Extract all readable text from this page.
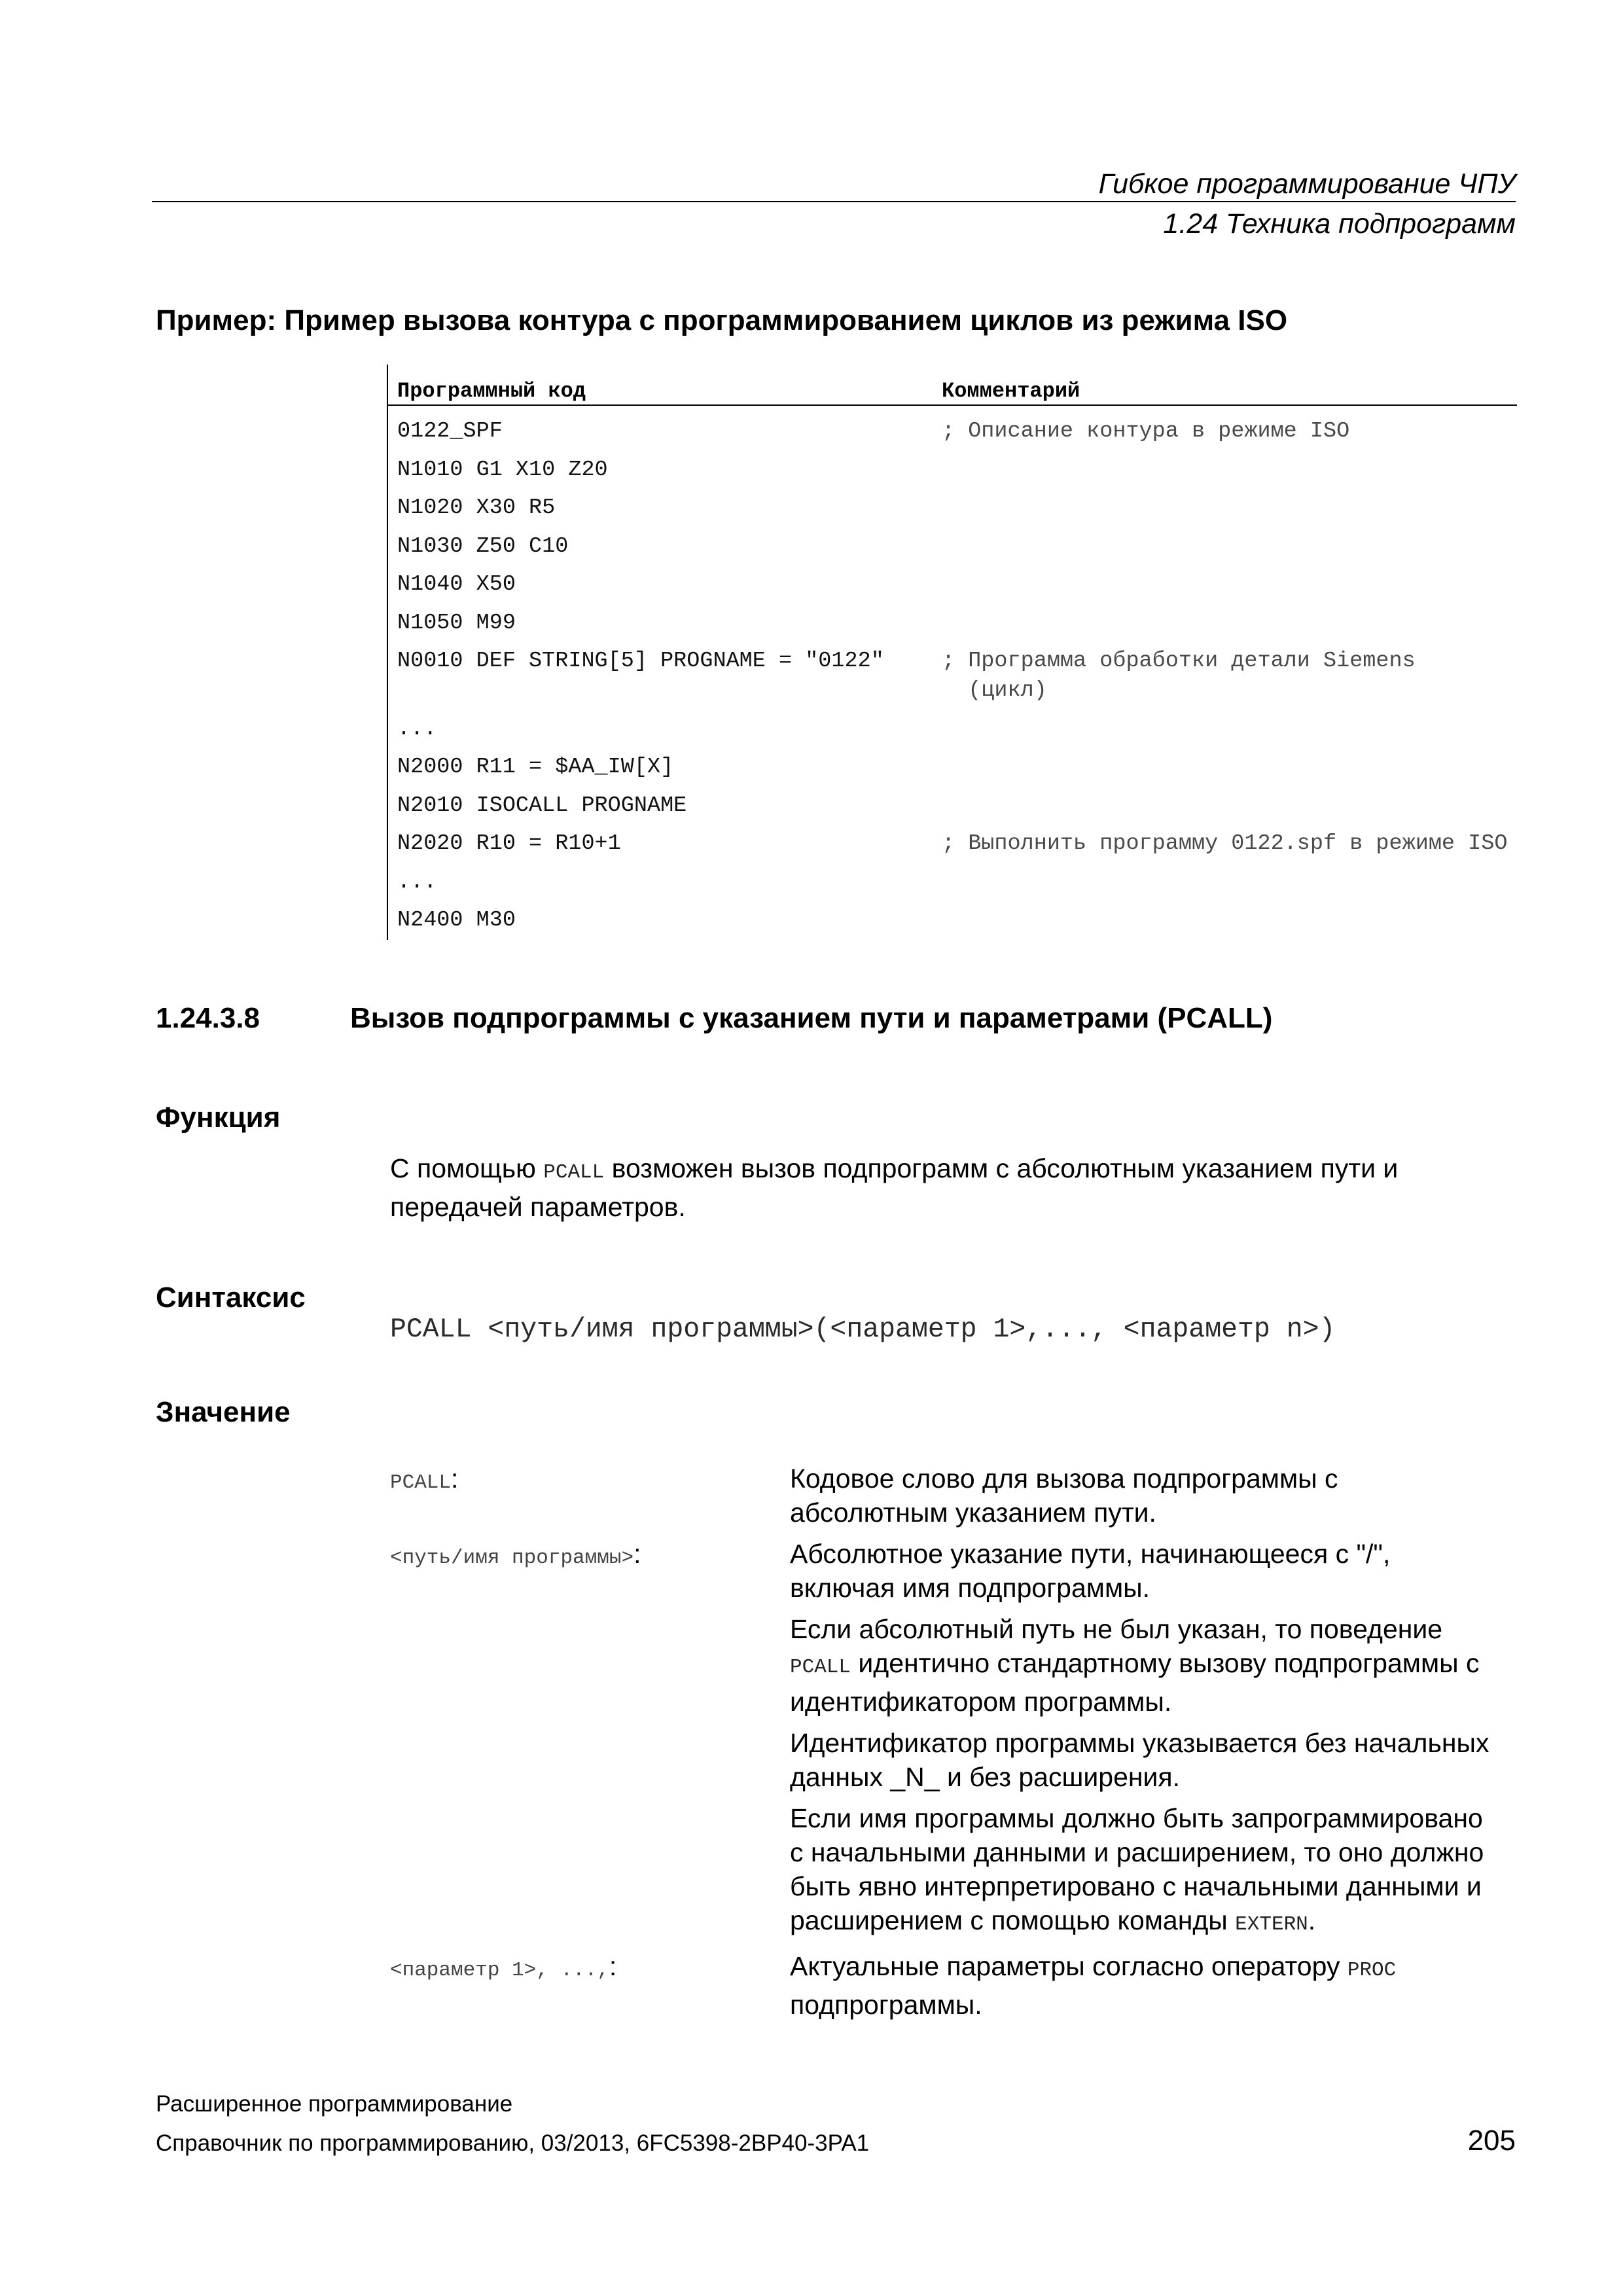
Гибкое программирование ЧПУ
1.24 Техника подпрограмм
Пример: Пример вызова контура с программированием циклов из режима ISO
Программный код	Комментарий
0122_SPF	; Описание контура в режиме ISO
N1010 G1 X10 Z20
N1020 X30 R5
N1030 Z50 C10
N1040 X50
N1050 M99
N0010 DEF STRING[5] PROGNAME = "0122"	; Программа обработки детали Siemens
(цикл)
...
N2000 R11 = $AA_IW[X]
N2010 ISOCALL PROGNAME
N2020 R10 = R10+1	; Выполнить программу 0122.spf в режиме ISO
...
N2400 M30
1.24.3.8	Вызов подпрограммы с указанием пути и параметрами (PCALL)
Функция
С помощью PCALL возможен вызов подпрограмм с абсолютным указанием пути и
передачей параметров.
Синтаксис
PCALL <путь/имя программы>(<параметр 1>,..., <параметр n>)
Значение
PCALL:	Кодовое слово для вызова подпрограммы с
абсолютным указанием пути.

<путь/имя программы>:	Абсолютное указание пути, начинающееся с "/",
включая имя подпрограммы.

Если абсолютный путь не был указан, то поведение
PCALL идентично стандартному вызову подпрограммы с
идентификатором программы.

Идентификатор программы указывается без начальных
данных _N_ и без расширения.

Если имя программы должно быть запрограммировано
с начальными данными и расширением, то оно должно
быть явно интерпретировано с начальными данными и
расширением с помощью команды EXTERN.

<параметр 1>, ...,:	Актуальные параметры согласно оператору PROC
подпрограммы.

Расширенное программирование
Справочник по программированию, 03/2013, 6FC5398-2BP40-3PA1	205
